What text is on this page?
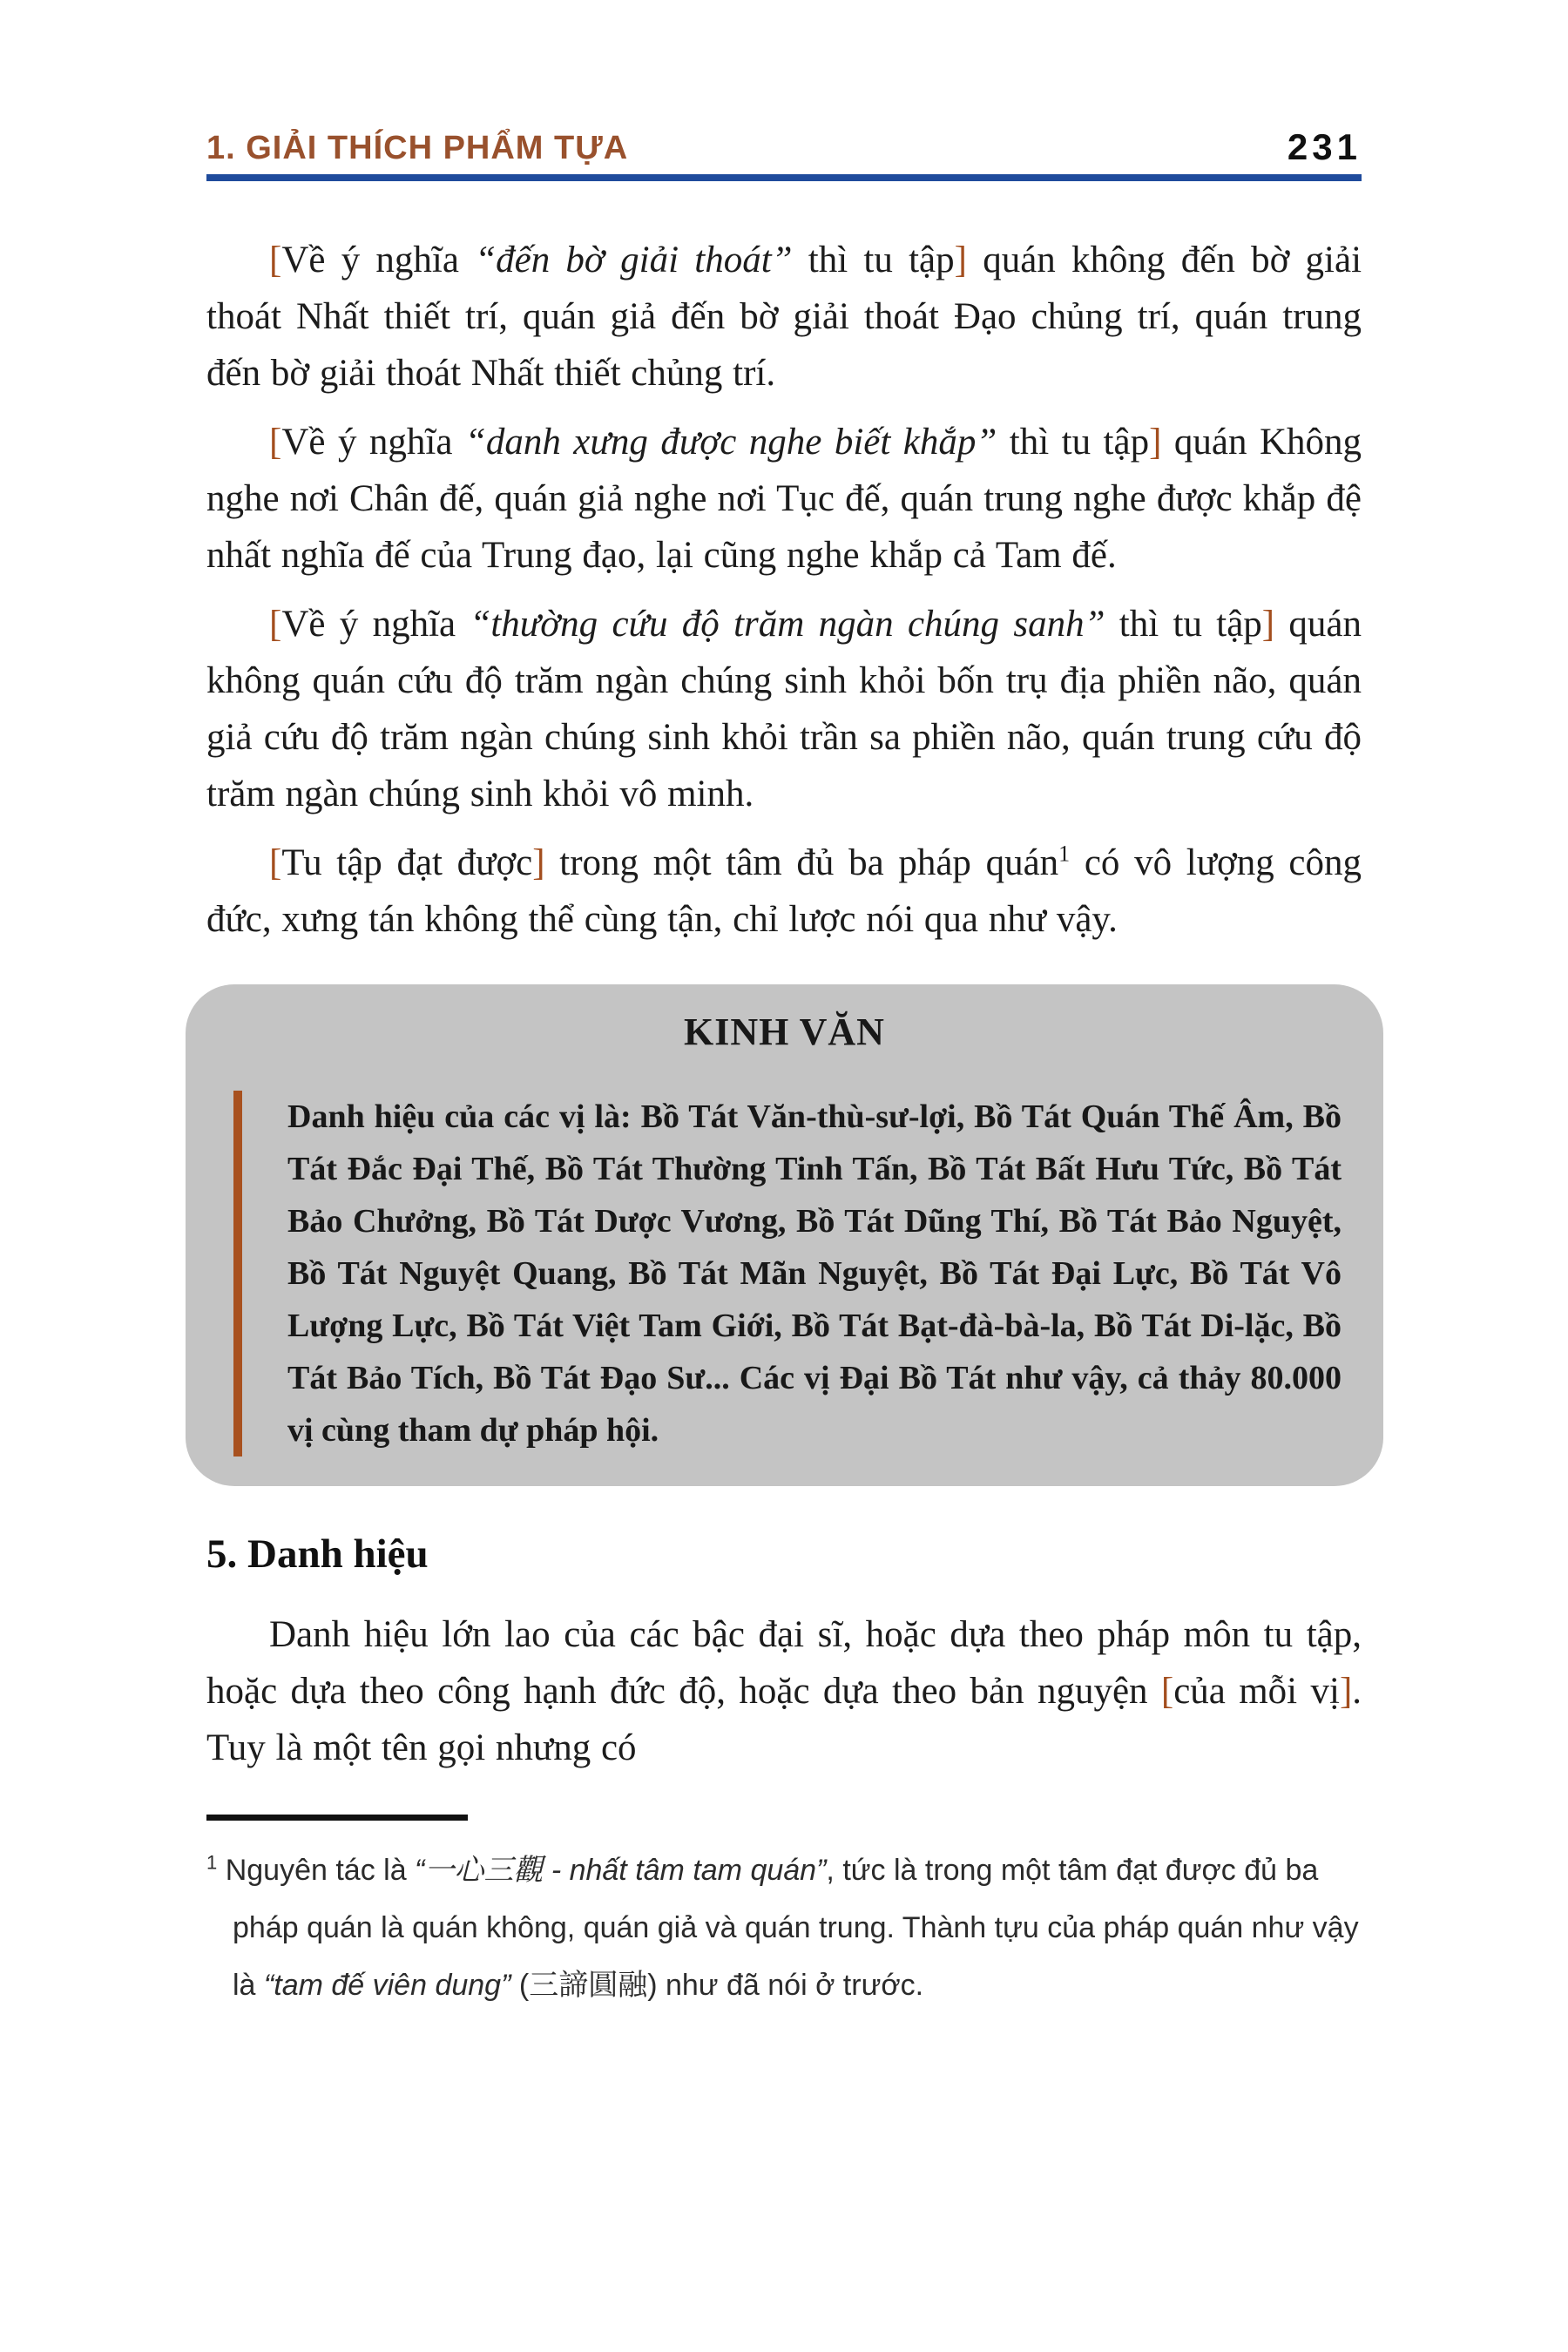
1. GIẢI THÍCH PHẨM TỰA	231

[Về ý nghĩa “đến bờ giải thoát” thì tu tập] quán không đến bờ giải thoát Nhất thiết trí, quán giả đến bờ giải thoát Đạo chủng trí, quán trung đến bờ giải thoát Nhất thiết chủng trí.

[Về ý nghĩa “danh xưng được nghe biết khắp” thì tu tập] quán Không nghe nơi Chân đế, quán giả nghe nơi Tục đế, quán trung nghe được khắp đệ nhất nghĩa đế của Trung đạo, lại cũng nghe khắp cả Tam đế.

[Về ý nghĩa “thường cứu độ trăm ngàn chúng sanh” thì tu tập] quán không quán cứu độ trăm ngàn chúng sinh khỏi bốn trụ địa phiền não, quán giả cứu độ trăm ngàn chúng sinh khỏi trần sa phiền não, quán trung cứu độ trăm ngàn chúng sinh khỏi vô minh.

[Tu tập đạt được] trong một tâm đủ ba pháp quán$^1$ có vô lượng công đức, xưng tán không thể cùng tận, chỉ lược nói qua như vậy.

KINH VĂN

Danh hiệu của các vị là: Bồ Tát Văn-thù-sư-lợi, Bồ Tát Quán Thế Âm, Bồ Tát Đắc Đại Thế, Bồ Tát Thường Tinh Tấn, Bồ Tát Bất Hưu Tức, Bồ Tát Bảo Chưởng, Bồ Tát Dược Vương, Bồ Tát Dũng Thí, Bồ Tát Bảo Nguyệt, Bồ Tát Nguyệt Quang, Bồ Tát Mãn Nguyệt, Bồ Tát Đại Lực, Bồ Tát Vô Lượng Lực, Bồ Tát Việt Tam Giới, Bồ Tát Bạt-đà-bà-la, Bồ Tát Di-lặc, Bồ Tát Bảo Tích, Bồ Tát Đạo Sư... Các vị Đại Bồ Tát như vậy, cả thảy 80.000 vị cùng tham dự pháp hội.

5. Danh hiệu

Danh hiệu lớn lao của các bậc đại sĩ, hoặc dựa theo pháp môn tu tập, hoặc dựa theo công hạnh đức độ, hoặc dựa theo bản nguyện [của mỗi vị]. Tuy là một tên gọi nhưng có

$^1$ Nguyên tác là “一心三觀 - nhất tâm tam quán”, tức là trong một tâm đạt được đủ ba pháp quán là quán không, quán giả và quán trung. Thành tựu của pháp quán như vậy là “tam đế viên dung” (三諦圓融) như đã nói ở trước.
